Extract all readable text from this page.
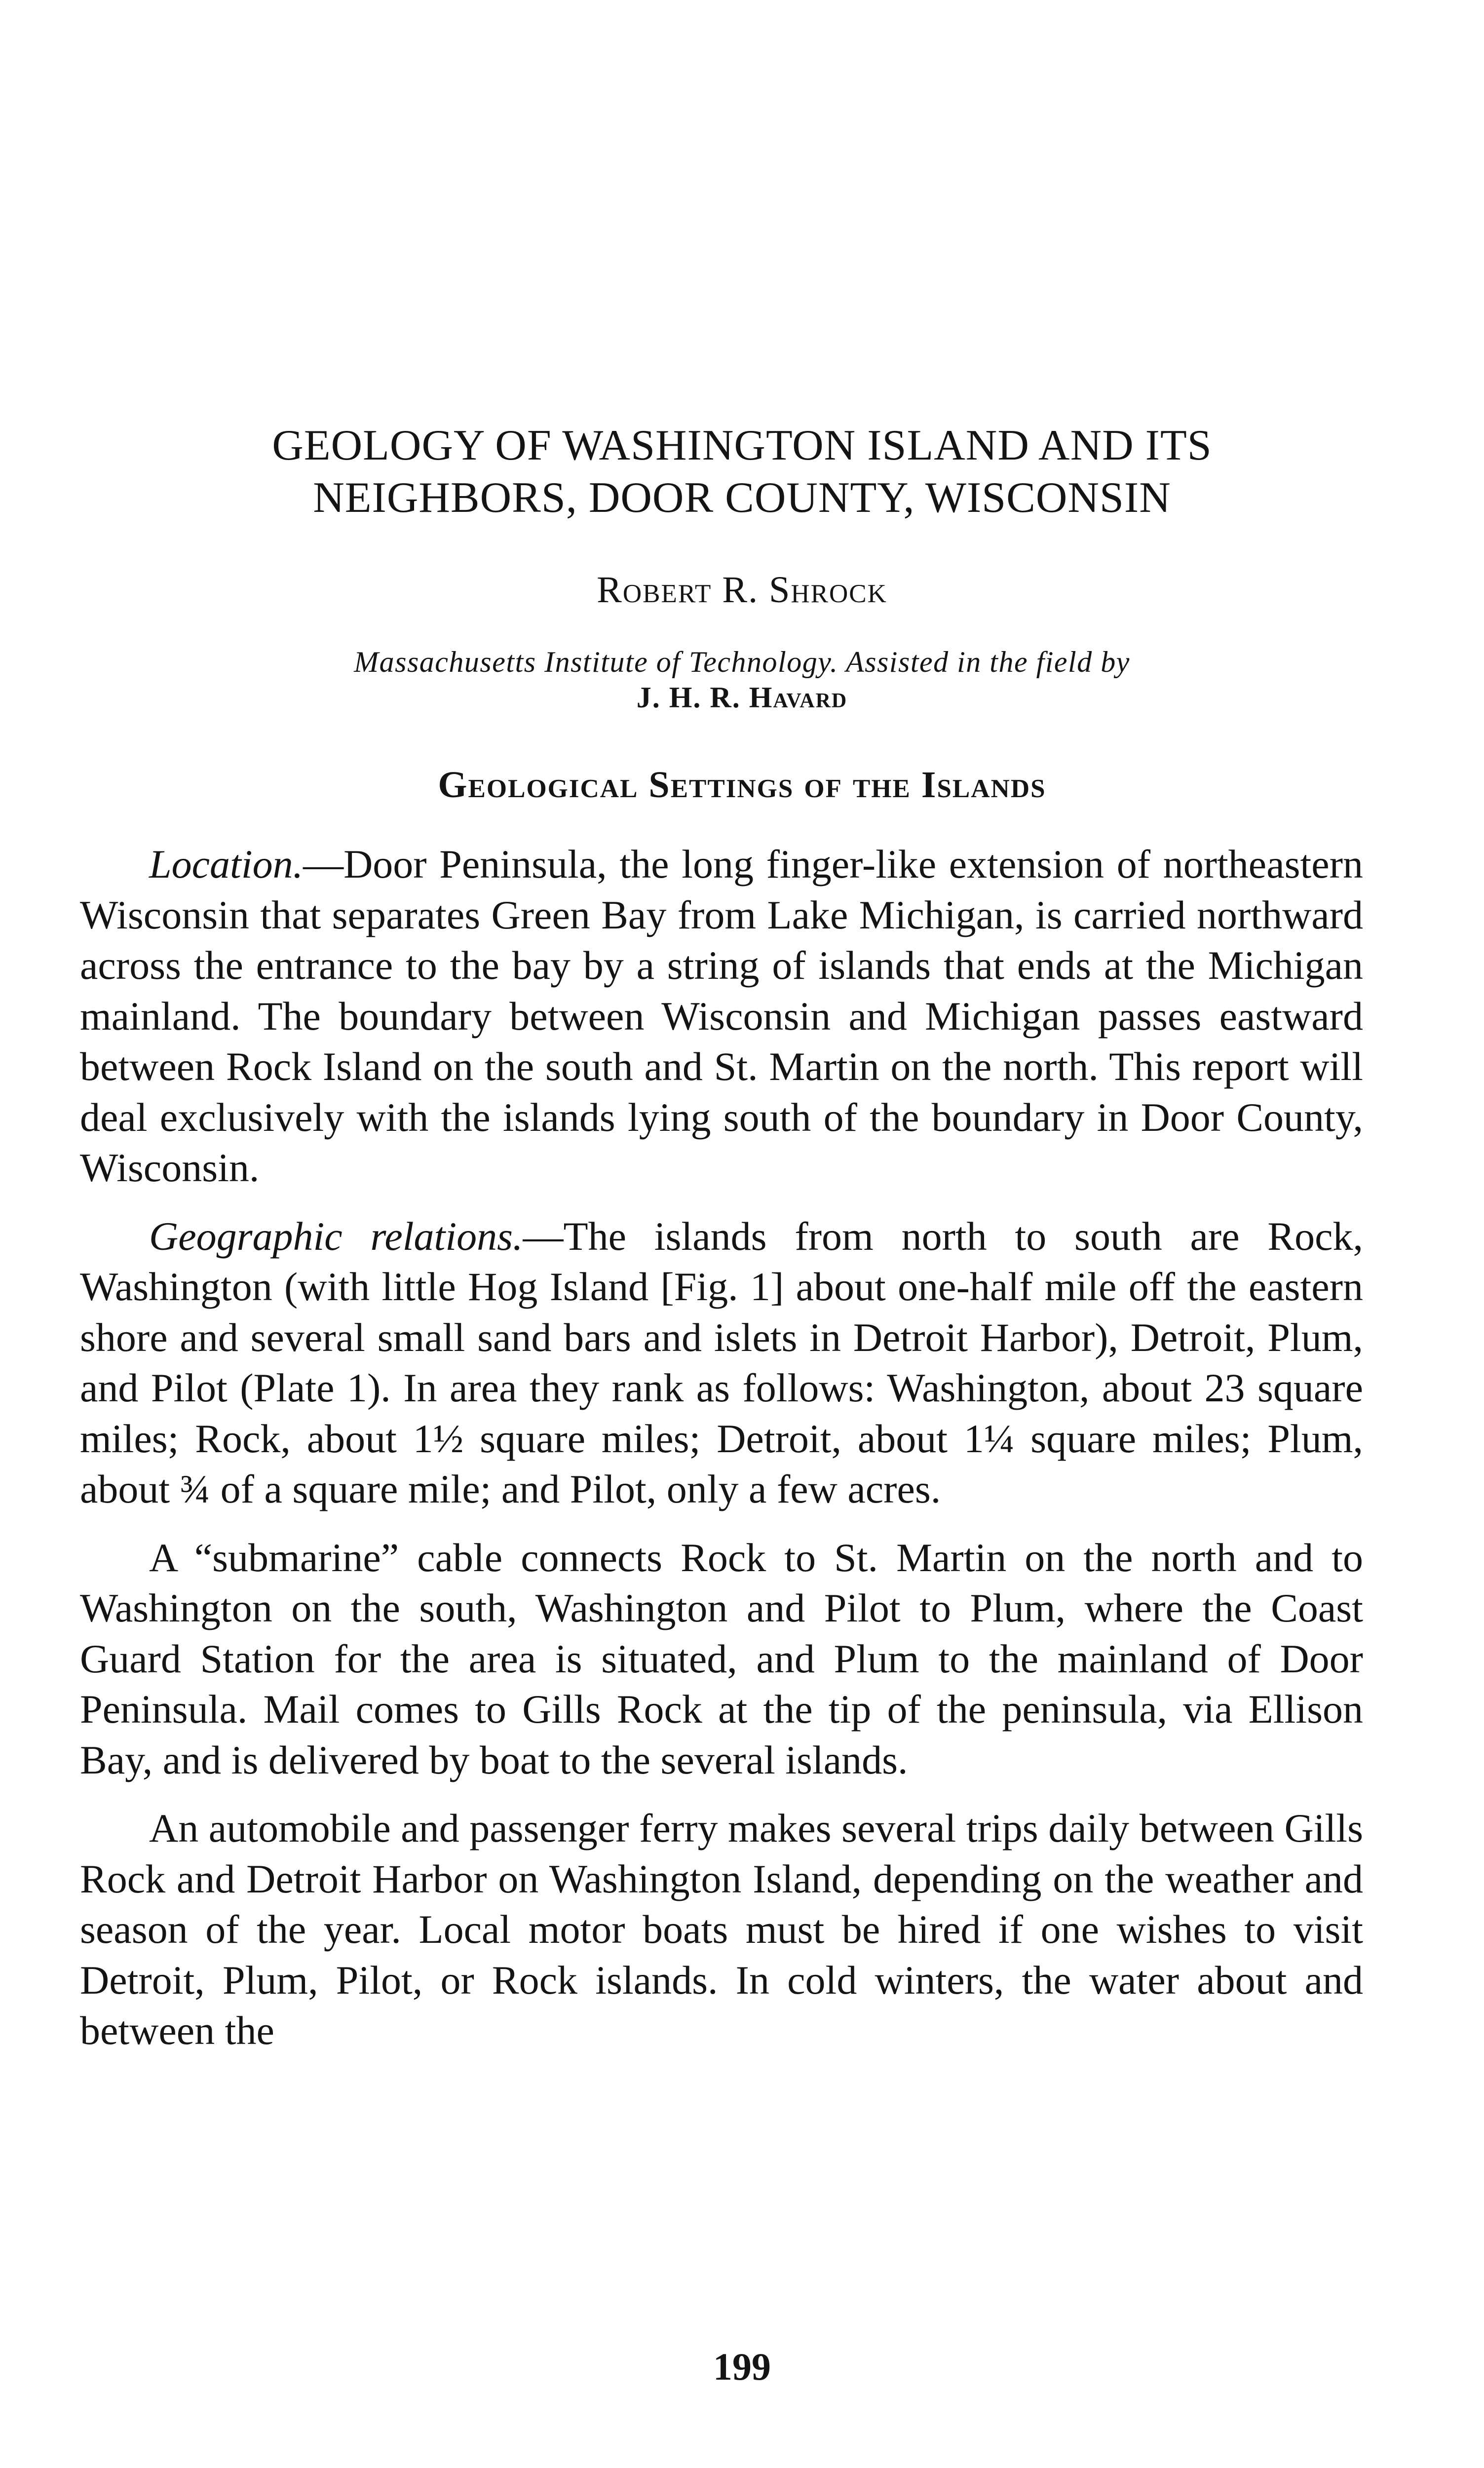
GEOLOGY OF WASHINGTON ISLAND AND ITS
NEIGHBORS, DOOR COUNTY, WISCONSIN

Robert R. Shrock

Massachusetts Institute of Technology. Assisted in the field by
J. H. R. Havard

Geological Settings of the Islands

Location.—Door Peninsula, the long finger-like extension of northeastern Wisconsin that separates Green Bay from Lake Michigan, is carried northward across the entrance to the bay by a string of islands that ends at the Michigan mainland. The boundary between Wisconsin and Michigan passes eastward between Rock Island on the south and St. Martin on the north. This report will deal exclusively with the islands lying south of the boundary in Door County, Wisconsin.

Geographic relations.—The islands from north to south are Rock, Washington (with little Hog Island [Fig. 1] about one-half mile off the eastern shore and several small sand bars and islets in Detroit Harbor), Detroit, Plum, and Pilot (Plate 1). In area they rank as follows: Washington, about 23 square miles; Rock, about 1½ square miles; Detroit, about 1¼ square miles; Plum, about ¾ of a square mile; and Pilot, only a few acres.

A “submarine” cable connects Rock to St. Martin on the north and to Washington on the south, Washington and Pilot to Plum, where the Coast Guard Station for the area is situated, and Plum to the mainland of Door Peninsula. Mail comes to Gills Rock at the tip of the peninsula, via Ellison Bay, and is delivered by boat to the several islands.

An automobile and passenger ferry makes several trips daily between Gills Rock and Detroit Harbor on Washington Island, depending on the weather and season of the year. Local motor boats must be hired if one wishes to visit Detroit, Plum, Pilot, or Rock islands. In cold winters, the water about and between the

199
